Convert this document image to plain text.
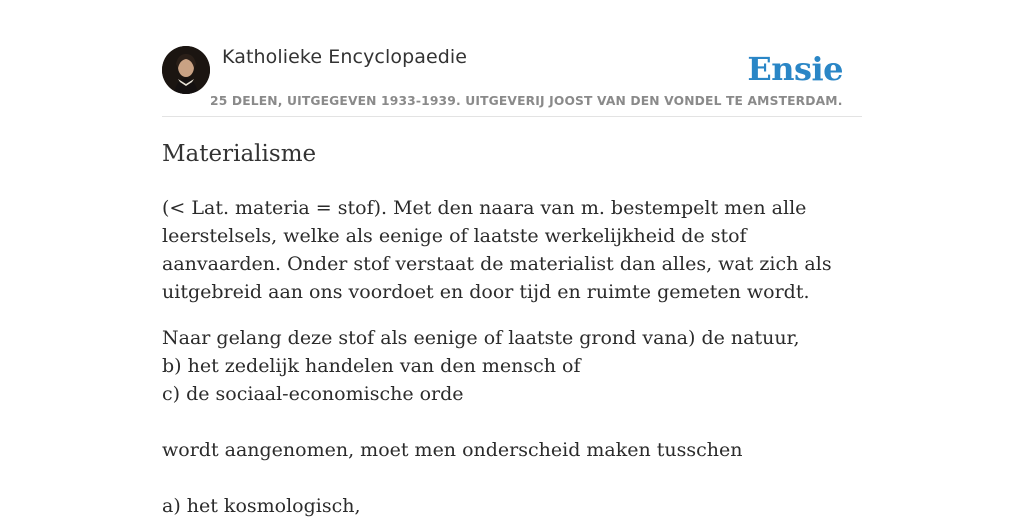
Katholieke Encyclopaedie
25 DELEN, UITGEGEVEN 1933-1939. UITGEVERIJ JOOST VAN DEN VONDEL TE AMSTERDAM.
Ensie
Materialisme

(< Lat. materia = stof). Met den naara van m. bestempelt men alle leerstelsels, welke als eenige of laatste werkelijkheid de stof aanvaarden. Onder stof verstaat de materialist dan alles, wat zich als uitgebreid aan ons voordoet en door tijd en ruimte gemeten wordt.

Naar gelang deze stof als eenige of laatste grond vana) de natuur,
b) het zedelijk handelen van den mensch of
c) de sociaal-economische orde
wordt aangenomen, moet men onderscheid maken tusschen
a) het kosmologisch,
